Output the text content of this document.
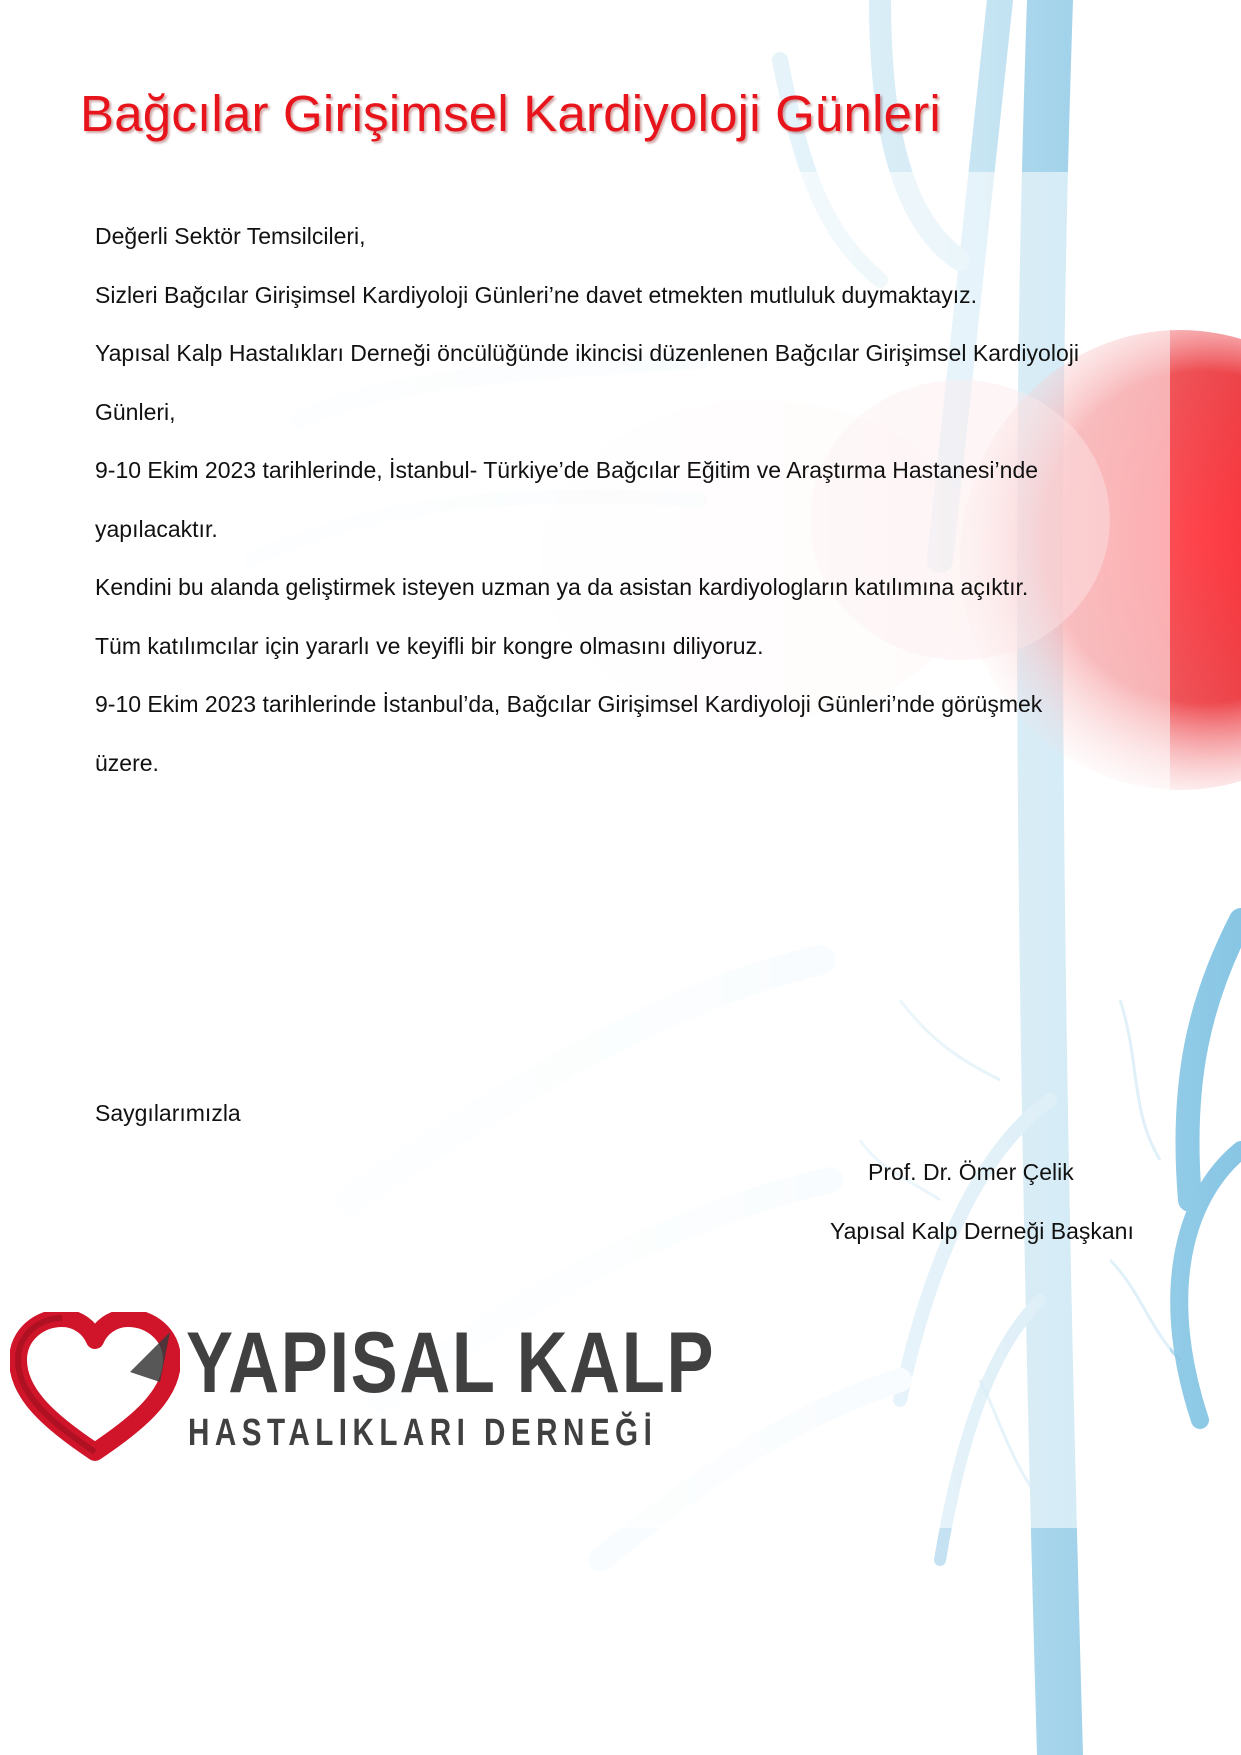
Bağcılar Girişimsel Kardiyoloji Günleri

Değerli Sektör Temsilcileri,

Sizleri Bağcılar Girişimsel Kardiyoloji Günleri’ne davet etmekten mutluluk duymaktayız.

Yapısal Kalp Hastalıkları Derneği öncülüğünde ikincisi düzenlenen Bağcılar Girişimsel Kardiyoloji

Günleri,

9-10 Ekim 2023 tarihlerinde, İstanbul- Türkiye’de Bağcılar Eğitim ve Araştırma Hastanesi’nde

yapılacaktır.

Kendini bu alanda geliştirmek isteyen uzman ya da asistan kardiyologların katılımına açıktır.

Tüm katılımcılar için yararlı ve keyifli bir kongre olmasını diliyoruz.

9-10 Ekim 2023 tarihlerinde İstanbul’da, Bağcılar Girişimsel Kardiyoloji Günleri’nde görüşmek

üzere.

Saygılarımızla

Prof. Dr. Ömer Çelik

Yapısal Kalp Derneği Başkanı

YAPISAL KALP

HASTALIKLARI DERNEĞİ
